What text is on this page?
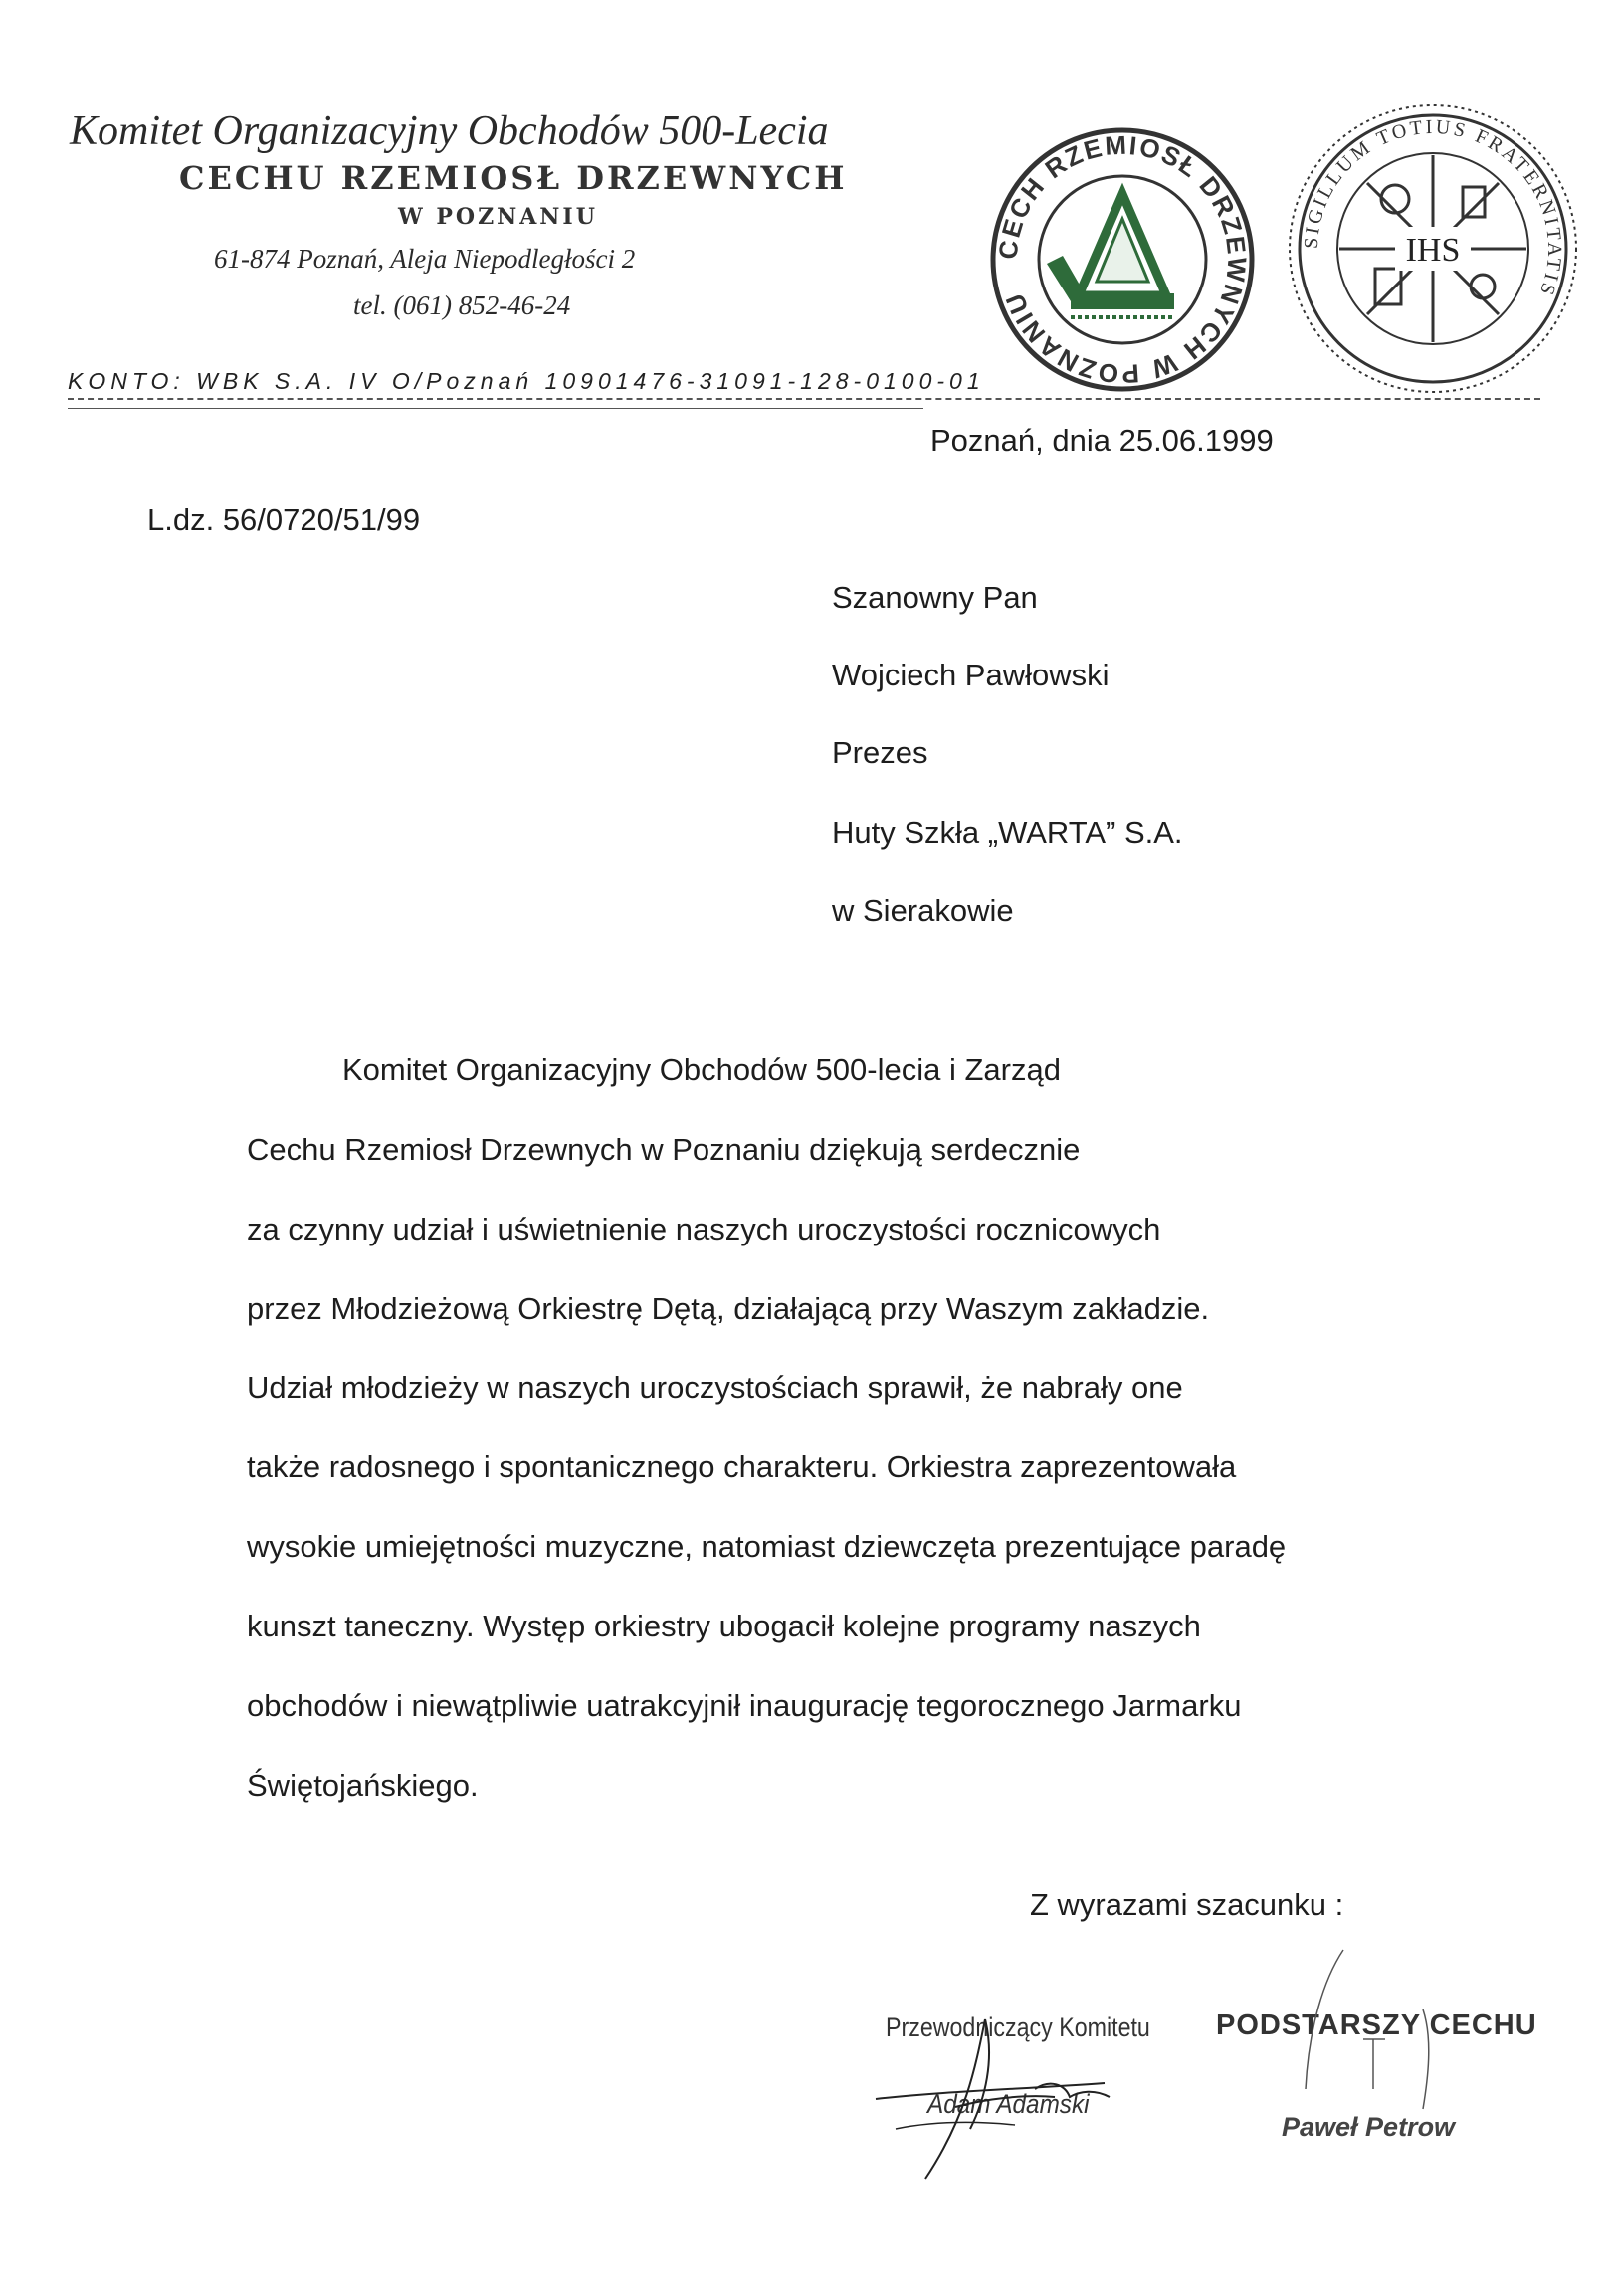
Komitet Organizacyjny Obchodów 500-Lecia
CECHU RZEMIOSŁ DRZEWNYCH
W POZNANIU
61-874 Poznań, Aleja Niepodległości 2
tel. (061) 852-46-24
KONTO: WBK S.A. IV O/Poznań 10901476-31091-128-0100-01
CECH RZEMIOSŁ DRZEWNYCH W POZNANIU
SIGILLUM TOTIUS FRATERNITATIS
IHS
Poznań, dnia 25.06.1999
L.dz. 56/0720/51/99
Szanowny Pan
Wojciech Pawłowski
Prezes
Huty Szkła „WARTA” S.A.
w Sierakowie
Komitet Organizacyjny Obchodów 500-lecia i Zarząd
Cechu Rzemiosł Drzewnych w Poznaniu dziękują serdecznie
za czynny udział i uświetnienie naszych uroczystości rocznicowych
przez Młodzieżową Orkiestrę Dętą, działającą przy Waszym zakładzie.
Udział młodzieży w naszych uroczystościach sprawił, że nabrały one
także radosnego i spontanicznego charakteru. Orkiestra zaprezentowała
wysokie umiejętności muzyczne, natomiast dziewczęta prezentujące paradę
kunszt taneczny. Występ orkiestry ubogacił kolejne programy naszych
obchodów i niewątpliwie uatrakcyjnił inaugurację tegorocznego Jarmarku
Świętojańskiego.
Z wyrazami szacunku :
Przewodniczący Komitetu
Adam Adamski
PODSTARSZY CECHU
Paweł Petrow
